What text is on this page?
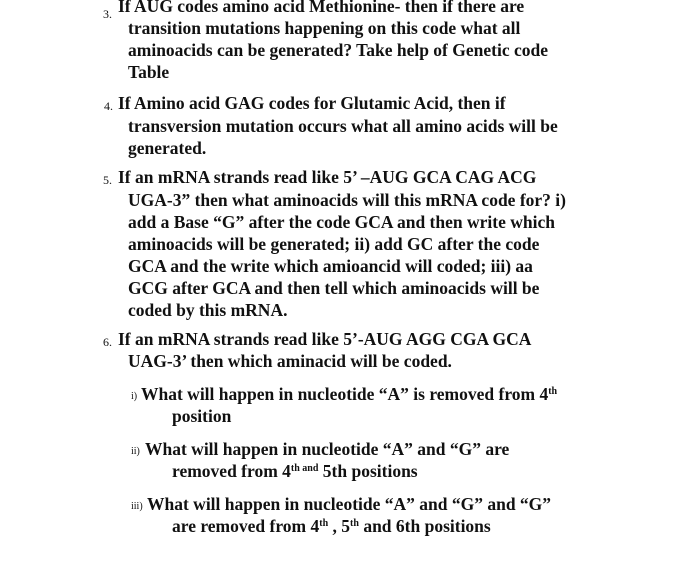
3. If AUG codes amino acid Methionine- then if there are
transition mutations happening on this code what all
aminoacids can be generated? Take help of Genetic code
Table
4. If Amino acid GAG codes for Glutamic Acid, then if
transversion mutation occurs what all amino acids will be
generated.
5. If an mRNA strands read like 5’ –AUG GCA CAG ACG
UGA-3” then what aminoacids will this mRNA code for? i)
add a Base “G” after the code GCA and then write which
aminoacids will be generated; ii) add GC after the code
GCA and the write which amioancid will coded; iii) aa
GCG after GCA and then tell which aminoacids will be
coded by this mRNA.
6. If an mRNA strands read like 5’-AUG AGG CGA GCA
UAG-3’ then which aminacid will be coded.
i) What will happen in nucleotide “A” is removed from 4th
position
ii) What will happen in nucleotide “A” and “G” are
removed from $4^{th and}$ 5th positions
iii) What will happen in nucleotide “A” and “G” and “G”
are removed from 4th , 5th and 6th positions
